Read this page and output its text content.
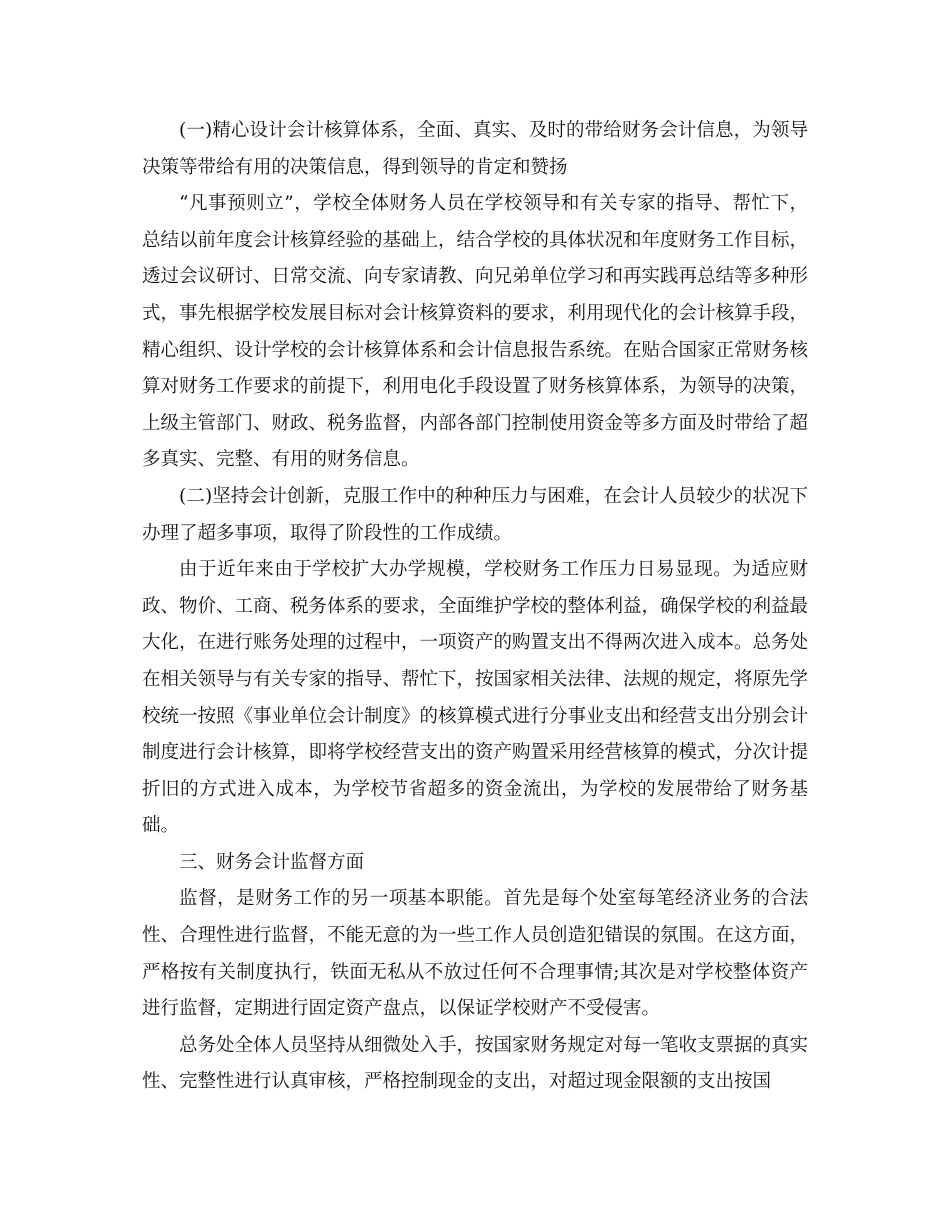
(一)精心设计会计核算体系，全面、真实、及时的带给财务会计信息，为领导决策等带给有用的决策信息，得到领导的肯定和赞扬

“凡事预则立”，学校全体财务人员在学校领导和有关专家的指导、帮忙下，总结以前年度会计核算经验的基础上，结合学校的具体状况和年度财务工作目标，透过会议研讨、日常交流、向专家请教、向兄弟单位学习和再实践再总结等多种形式，事先根据学校发展目标对会计核算资料的要求，利用现代化的会计核算手段，精心组织、设计学校的会计核算体系和会计信息报告系统。在贴合国家正常财务核算对财务工作要求的前提下，利用电化手段设置了财务核算体系，为领导的决策，上级主管部门、财政、税务监督，内部各部门控制使用资金等多方面及时带给了超多真实、完整、有用的财务信息。

(二)坚持会计创新，克服工作中的种种压力与困难，在会计人员较少的状况下办理了超多事项，取得了阶段性的工作成绩。

由于近年来由于学校扩大办学规模，学校财务工作压力日易显现。为适应财政、物价、工商、税务体系的要求，全面维护学校的整体利益，确保学校的利益最大化，在进行账务处理的过程中，一项资产的购置支出不得两次进入成本。总务处在相关领导与有关专家的指导、帮忙下，按国家相关法律、法规的规定，将原先学校统一按照《事业单位会计制度》的核算模式进行分事业支出和经营支出分别会计制度进行会计核算，即将学校经营支出的资产购置采用经营核算的模式，分次计提折旧的方式进入成本，为学校节省超多的资金流出，为学校的发展带给了财务基础。

三、财务会计监督方面

监督，是财务工作的另一项基本职能。首先是每个处室每笔经济业务的合法性、合理性进行监督，不能无意的为一些工作人员创造犯错误的氛围。在这方面，严格按有关制度执行，铁面无私从不放过任何不合理事情;其次是对学校整体资产进行监督，定期进行固定资产盘点，以保证学校财产不受侵害。

总务处全体人员坚持从细微处入手，按国家财务规定对每一笔收支票据的真实性、完整性进行认真审核，严格控制现金的支出，对超过现金限额的支出按国
